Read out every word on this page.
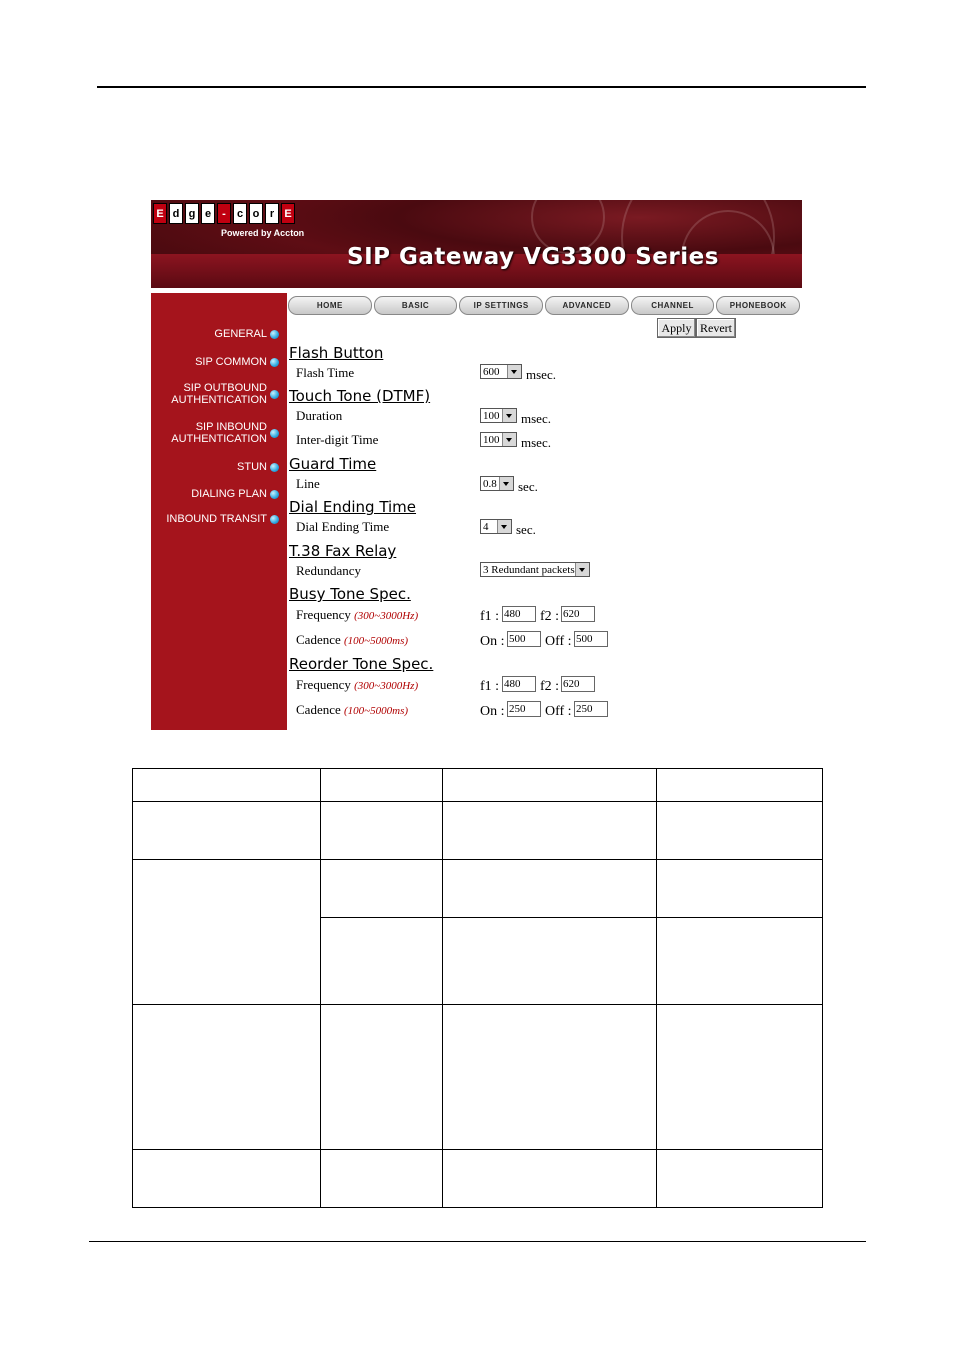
E d g e	-	c o r E
Powered by Accton
SIP Gateway VG3300 Series
GENERAL
SIP COMMON
SIP OUTBOUND AUTHENTICATION
SIP INBOUND AUTHENTICATION
STUN
DIALING PLAN
INBOUND TRANSIT
HOME	BASIC	IP SETTINGS	ADVANCED	CHANNEL	PHONEBOOK
Apply Revert
Flash Button
Flash Time	600	msec.
Touch Tone (DTMF)
Duration	100 msec.
Inter-digit Time	100 msec.
Guard Time
Line	0.8 sec.
Dial Ending Time
Dial Ending Time	4	sec.
T.38 Fax Relay
Redundancy	3 Redundant packets
Busy Tone Spec.
Frequency (300~3000Hz)	f1 : 480	f2 : 620
Cadence (100~5000ms)	On : 500	Off : 500
Reorder Tone Spec.
Frequency (300~3000Hz)	f1 : 480	f2 : 620
Cadence (100~5000ms)	On : 250	Off : 250
